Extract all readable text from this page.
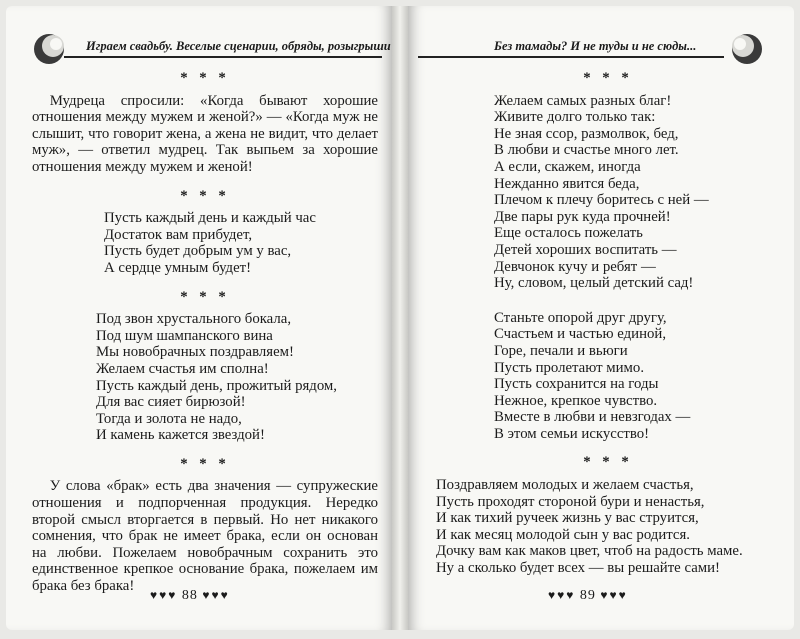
Играем свадьбу. Веселые сценарии, обряды, розыгрыши
* * *

Мудреца спросили: «Когда бывают хорошие отношения между мужем и женой?» — «Когда муж не слышит, что говорит жена, а жена не видит, что делает муж», — ответил мудрец. Так выпьем за хорошие отношения между мужем и женой!

* * *
Пусть каждый день и каждый час
Достаток вам прибудет,
Пусть будет добрым ум у вас,
А сердце умным будет!
* * *
Под звон хрустального бокала,
Под шум шампанского вина
Мы новобрачных поздравляем!
Желаем счастья им сполна!
Пусть каждый день, прожитый рядом,
Для вас сияет бирюзой!
Тогда и золота не надо,
И камень кажется звездой!
* * *

У слова «брак» есть два значения — супружеские отношения и подпорченная продукция. Нередко второй смысл вторгается в первый. Но нет никакого сомнения, что брак не имеет брака, если он основан на любви. Пожелаем новобрачным сохранить это единственное крепкое основание брака, пожелаем им брака без брака!

♥♥♥ 88 ♥♥♥
Без тамады? И не туды и не сюды...
* * *
Желаем самых разных благ!
Живите долго только так:
Не зная ссор, размолвок, бед,
В любви и счастье много лет.
А если, скажем, иногда
Нежданно явится беда,
Плечом к плечу боритесь с ней —
Две пары рук куда прочней!
Еще осталось пожелать
Детей хороших воспитать —
Девчонок кучу и ребят —
Ну, словом, целый детский сад!
Станьте опорой друг другу,
Счастьем и частью единой,
Горе, печали и вьюги
Пусть пролетают мимо.
Пусть сохранится на годы
Нежное, крепкое чувство.
Вместе в любви и невзгодах —
В этом семьи искусство!
* * *
Поздравляем молодых и желаем счастья,
Пусть проходят стороной бури и ненастья,
И как тихий ручеек жизнь у вас струится,
И как месяц молодой сын у вас родится.
Дочку вам как маков цвет, чтоб на радость маме.
Ну а сколько будет всех — вы решайте сами!
♥♥♥ 89 ♥♥♥
